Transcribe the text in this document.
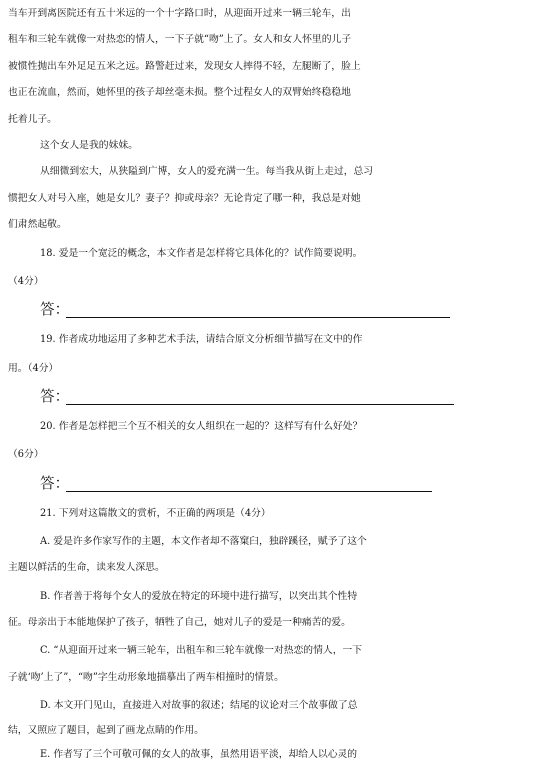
当车开到离医院还有五十米远的一个十字路口时，从迎面开过来一辆三轮车，出
租车和三轮车就像一对热恋的情人，一下子就“吻”上了。女人和女人怀里的儿子
被惯性抛出车外足足五米之远。路警赶过来，发现女人摔得不轻，左腿断了，脸上
也正在流血，然而，她怀里的孩子却丝毫未损。整个过程女人的双臂始终稳稳地
托着儿子。
这个女人是我的妹妹。
从细微到宏大，从狭隘到广博，女人的爱充满一生。每当我从街上走过，总习
惯把女人对号入座，她是女儿？妻子？抑或母亲？无论肯定了哪一种，我总是对她
们肃然起敬。
18. 爱是一个宽泛的概念，本文作者是怎样将它具体化的？试作简要说明。
（4分）
答：
19. 作者成功地运用了多种艺术手法，请结合原文分析细节描写在文中的作
用。（4分）
答：
20. 作者是怎样把三个互不相关的女人组织在一起的？这样写有什么好处？
（6分）
答：
21. 下列对这篇散文的赏析，不正确的两项是（4分）
A. 爱是许多作家写作的主题，本文作者却不落窠臼，独辟蹊径，赋予了这个
主题以鲜活的生命，读来发人深思。
B. 作者善于将每个女人的爱放在特定的环境中进行描写，以突出其个性特
征。母亲出于本能地保护了孩子，牺牲了自己，她对儿子的爱是一种痛苦的爱。
C. “从迎面开过来一辆三轮车，出租车和三轮车就像一对热恋的情人，一下
子就‘吻’上了”，“吻”字生动形象地描摹出了两车相撞时的情景。
D. 本文开门见山，直接进入对故事的叙述；结尾的议论对三个故事做了总
结，又照应了题目，起到了画龙点睛的作用。
E. 作者写了三个可敬可佩的女人的故事，虽然用语平淡，却给人以心灵的
